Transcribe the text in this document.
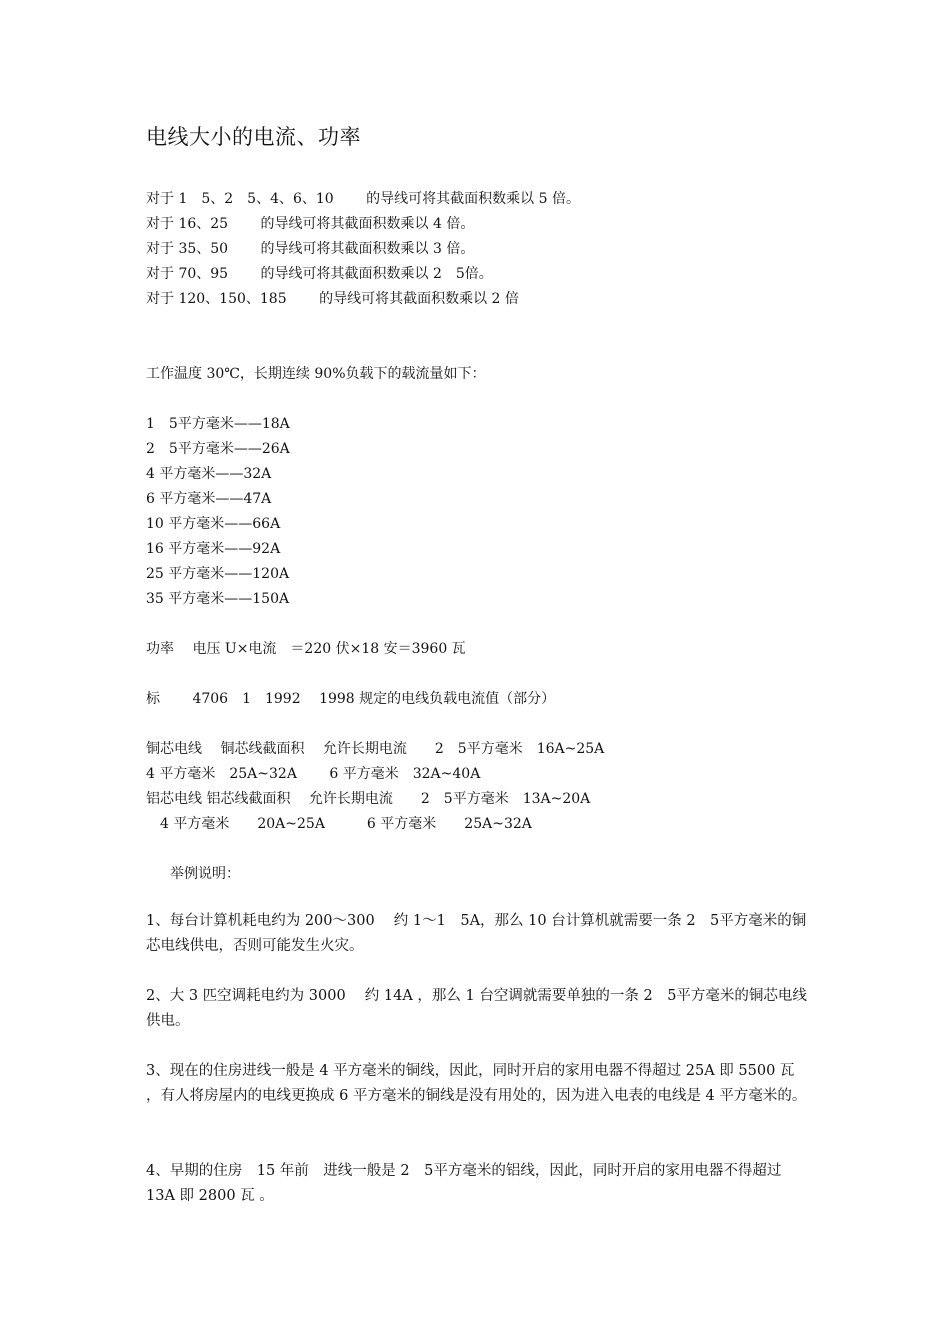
电线大小的电流、功率
对于 1　5、2　5、4、6、10　　 的导线可将其截面积数乘以 5 倍。
对于 16、25　　 的导线可将其截面积数乘以 4 倍。
对于 35、50　　 的导线可将其截面积数乘以 3 倍。
对于 70、95　　 的导线可将其截面积数乘以 2　5倍。
对于 120、150、185　　 的导线可将其截面积数乘以 2 倍
工作温度 30℃，长期连续 90%负载下的载流量如下：
1　5平方毫米——18A
2　5平方毫米——26A
4 平方毫米——32A
6 平方毫米——47A
10 平方毫米——66A
16 平方毫米——92A
25 平方毫米——120A
35 平方毫米——150A
功率　 电压 U×电流　＝220 伏×18 安＝3960 瓦
标　　 4706　1　1992　 1998 规定的电线负载电流值（部分）
铜芯电线　 铜芯线截面积　 允许长期电流　　2　5平方毫米　16A~25A
4 平方毫米　25A~32A　　 6 平方毫米　32A~40A
铝芯电线 铝芯线截面积　 允许长期电流　　2　5平方毫米　13A~20A
　4 平方毫米　　20A~25A　　　6 平方毫米　　25A~32A
举例说明：
1、每台计算机耗电约为 200～300　 约 1～1　5A，那么 10 台计算机就需要一条 2　5平方毫米的铜芯电线供电，否则可能发生火灾。
2、大 3 匹空调耗电约为 3000　 约 14A ，那么 1 台空调就需要单独的一条 2　5平方毫米的铜芯电线供电。
3、现在的住房进线一般是 4 平方毫米的铜线，因此，同时开启的家用电器不得超过 25A 即 5500 瓦 ，有人将房屋内的电线更换成 6 平方毫米的铜线是没有用处的，因为进入电表的电线是 4 平方毫米的。
4、早期的住房　15 年前　进线一般是 2　5平方毫米的铝线，因此，同时开启的家用电器不得超过 13A 即 2800 瓦 。
